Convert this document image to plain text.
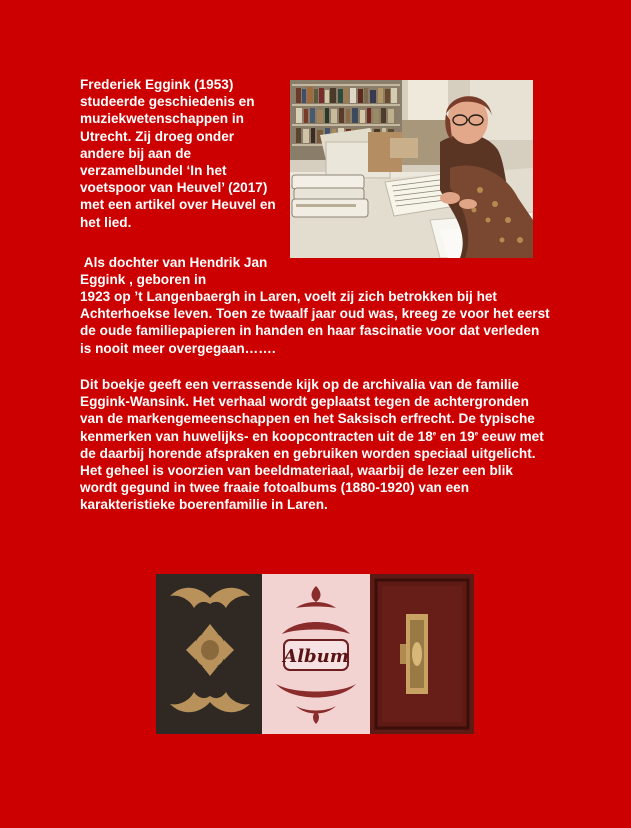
Frederiek Eggink (1953) studeerde geschiedenis en muziekwetenschappen in Utrecht. Zij droeg onder andere bij aan de verzamelbundel ‘In het voetspoor van Heuvel’ (2017) met een artikel over Heuvel en het lied.

Als dochter van Hendrik Jan Eggink , geboren in

1923 op ’t Langenbaergh in Laren, voelt zij zich betrokken bij het Achterhoekse leven. Toen ze twaalf jaar oud was, kreeg ze voor het eerst de oude familiepapieren in handen en haar fascinatie voor dat verleden is nooit meer overgegaan…….

Dit boekje geeft een verrassende kijk op de archivalia van de familie Eggink-Wansink. Het verhaal wordt geplaatst tegen de achtergronden van de markengemeenschappen en het Saksisch erfrecht. De typische kenmerken van huwelijks- en koopcontracten uit de 18e en 19e eeuw met de daarbij horende afspraken en gebruiken worden speciaal uitgelicht. Het geheel is voorzien van beeldmateriaal, waarbij de lezer een blik wordt gegund in twee fraaie fotoalbums (1880-1920) van een karakteristieke boerenfamilie in Laren.

Album
